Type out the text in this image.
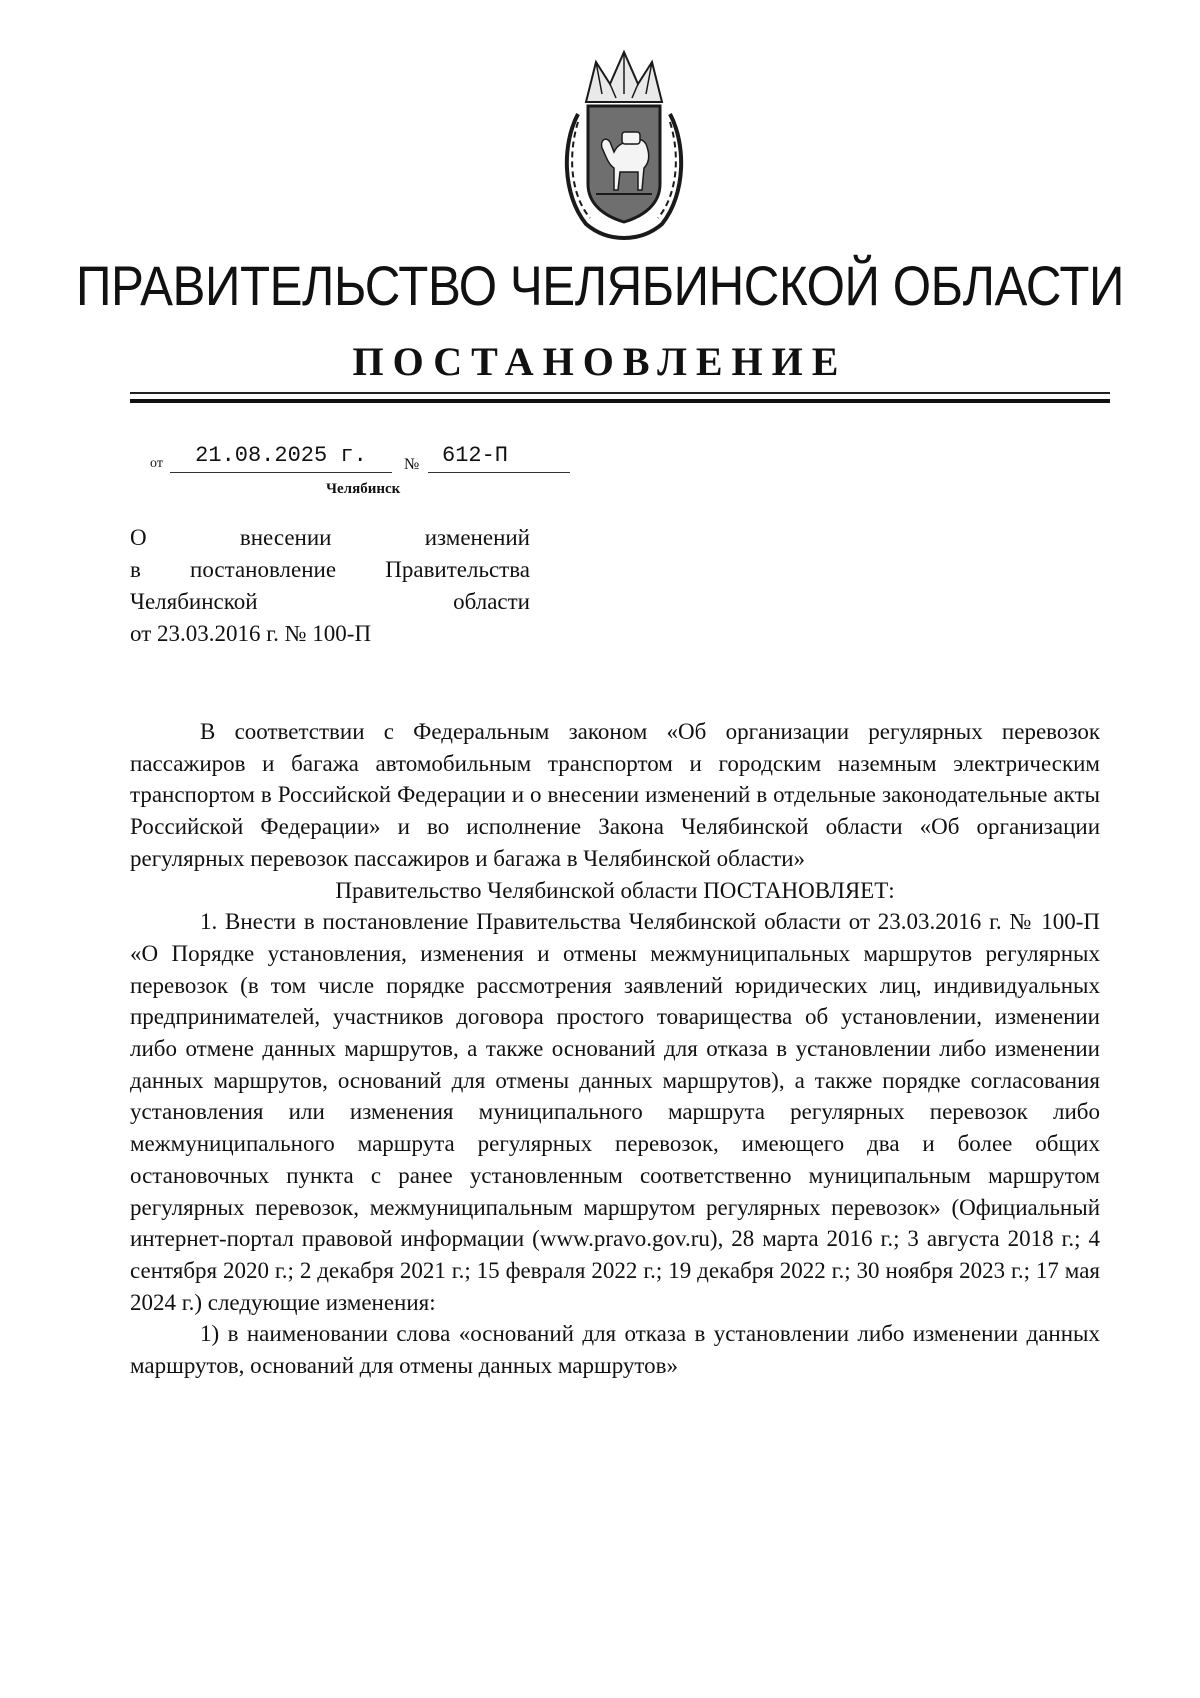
ПРАВИТЕЛЬСТВО ЧЕЛЯБИНСКОЙ ОБЛАСТИ
ПОСТАНОВЛЕНИЕ
от	21.08.2025 г.	№	612-П
Челябинск

О внесении изменений

в постановление Правительства

Челябинской области

от 23.03.2016 г. № 100-П

В соответствии с Федеральным законом «Об организации регулярных перевозок пассажиров и багажа автомобильным транспортом и городским наземным электрическим транспортом в Российской Федерации и о внесении изменений в отдельные законодательные акты Российской Федерации» и во исполнение Закона Челябинской области «Об организации регулярных перевозок пассажиров и багажа в Челябинской области»

Правительство Челябинской области ПОСТАНОВЛЯЕТ:

1. Внести в постановление Правительства Челябинской области от 23.03.2016 г. № 100-П «О Порядке установления, изменения и отмены межмуниципальных маршрутов регулярных перевозок (в том числе порядке рассмотрения заявлений юридических лиц, индивидуальных предпринимателей, участников договора простого товарищества об установлении, изменении либо отмене данных маршрутов, а также оснований для отказа в установлении либо изменении данных маршрутов, оснований для отмены данных маршрутов), а также порядке согласования установления или изменения муниципального маршрута регулярных перевозок либо межмуниципального маршрута регулярных перевозок, имеющего два и более общих остановочных пункта с ранее установленным соответственно муниципальным маршрутом регулярных перевозок, межмуниципальным маршрутом регулярных перевозок» (Официальный интернет-портал правовой информации (www.pravo.gov.ru), 28 марта 2016 г.; 3 августа 2018 г.; 4 сентября 2020 г.; 2 декабря 2021 г.; 15 февраля 2022 г.; 19 декабря 2022 г.; 30 ноября 2023 г.; 17 мая 2024 г.) следующие изменения:

1) в наименовании слова «оснований для отказа в установлении либо изменении данных маршрутов, оснований для отмены данных маршрутов»
